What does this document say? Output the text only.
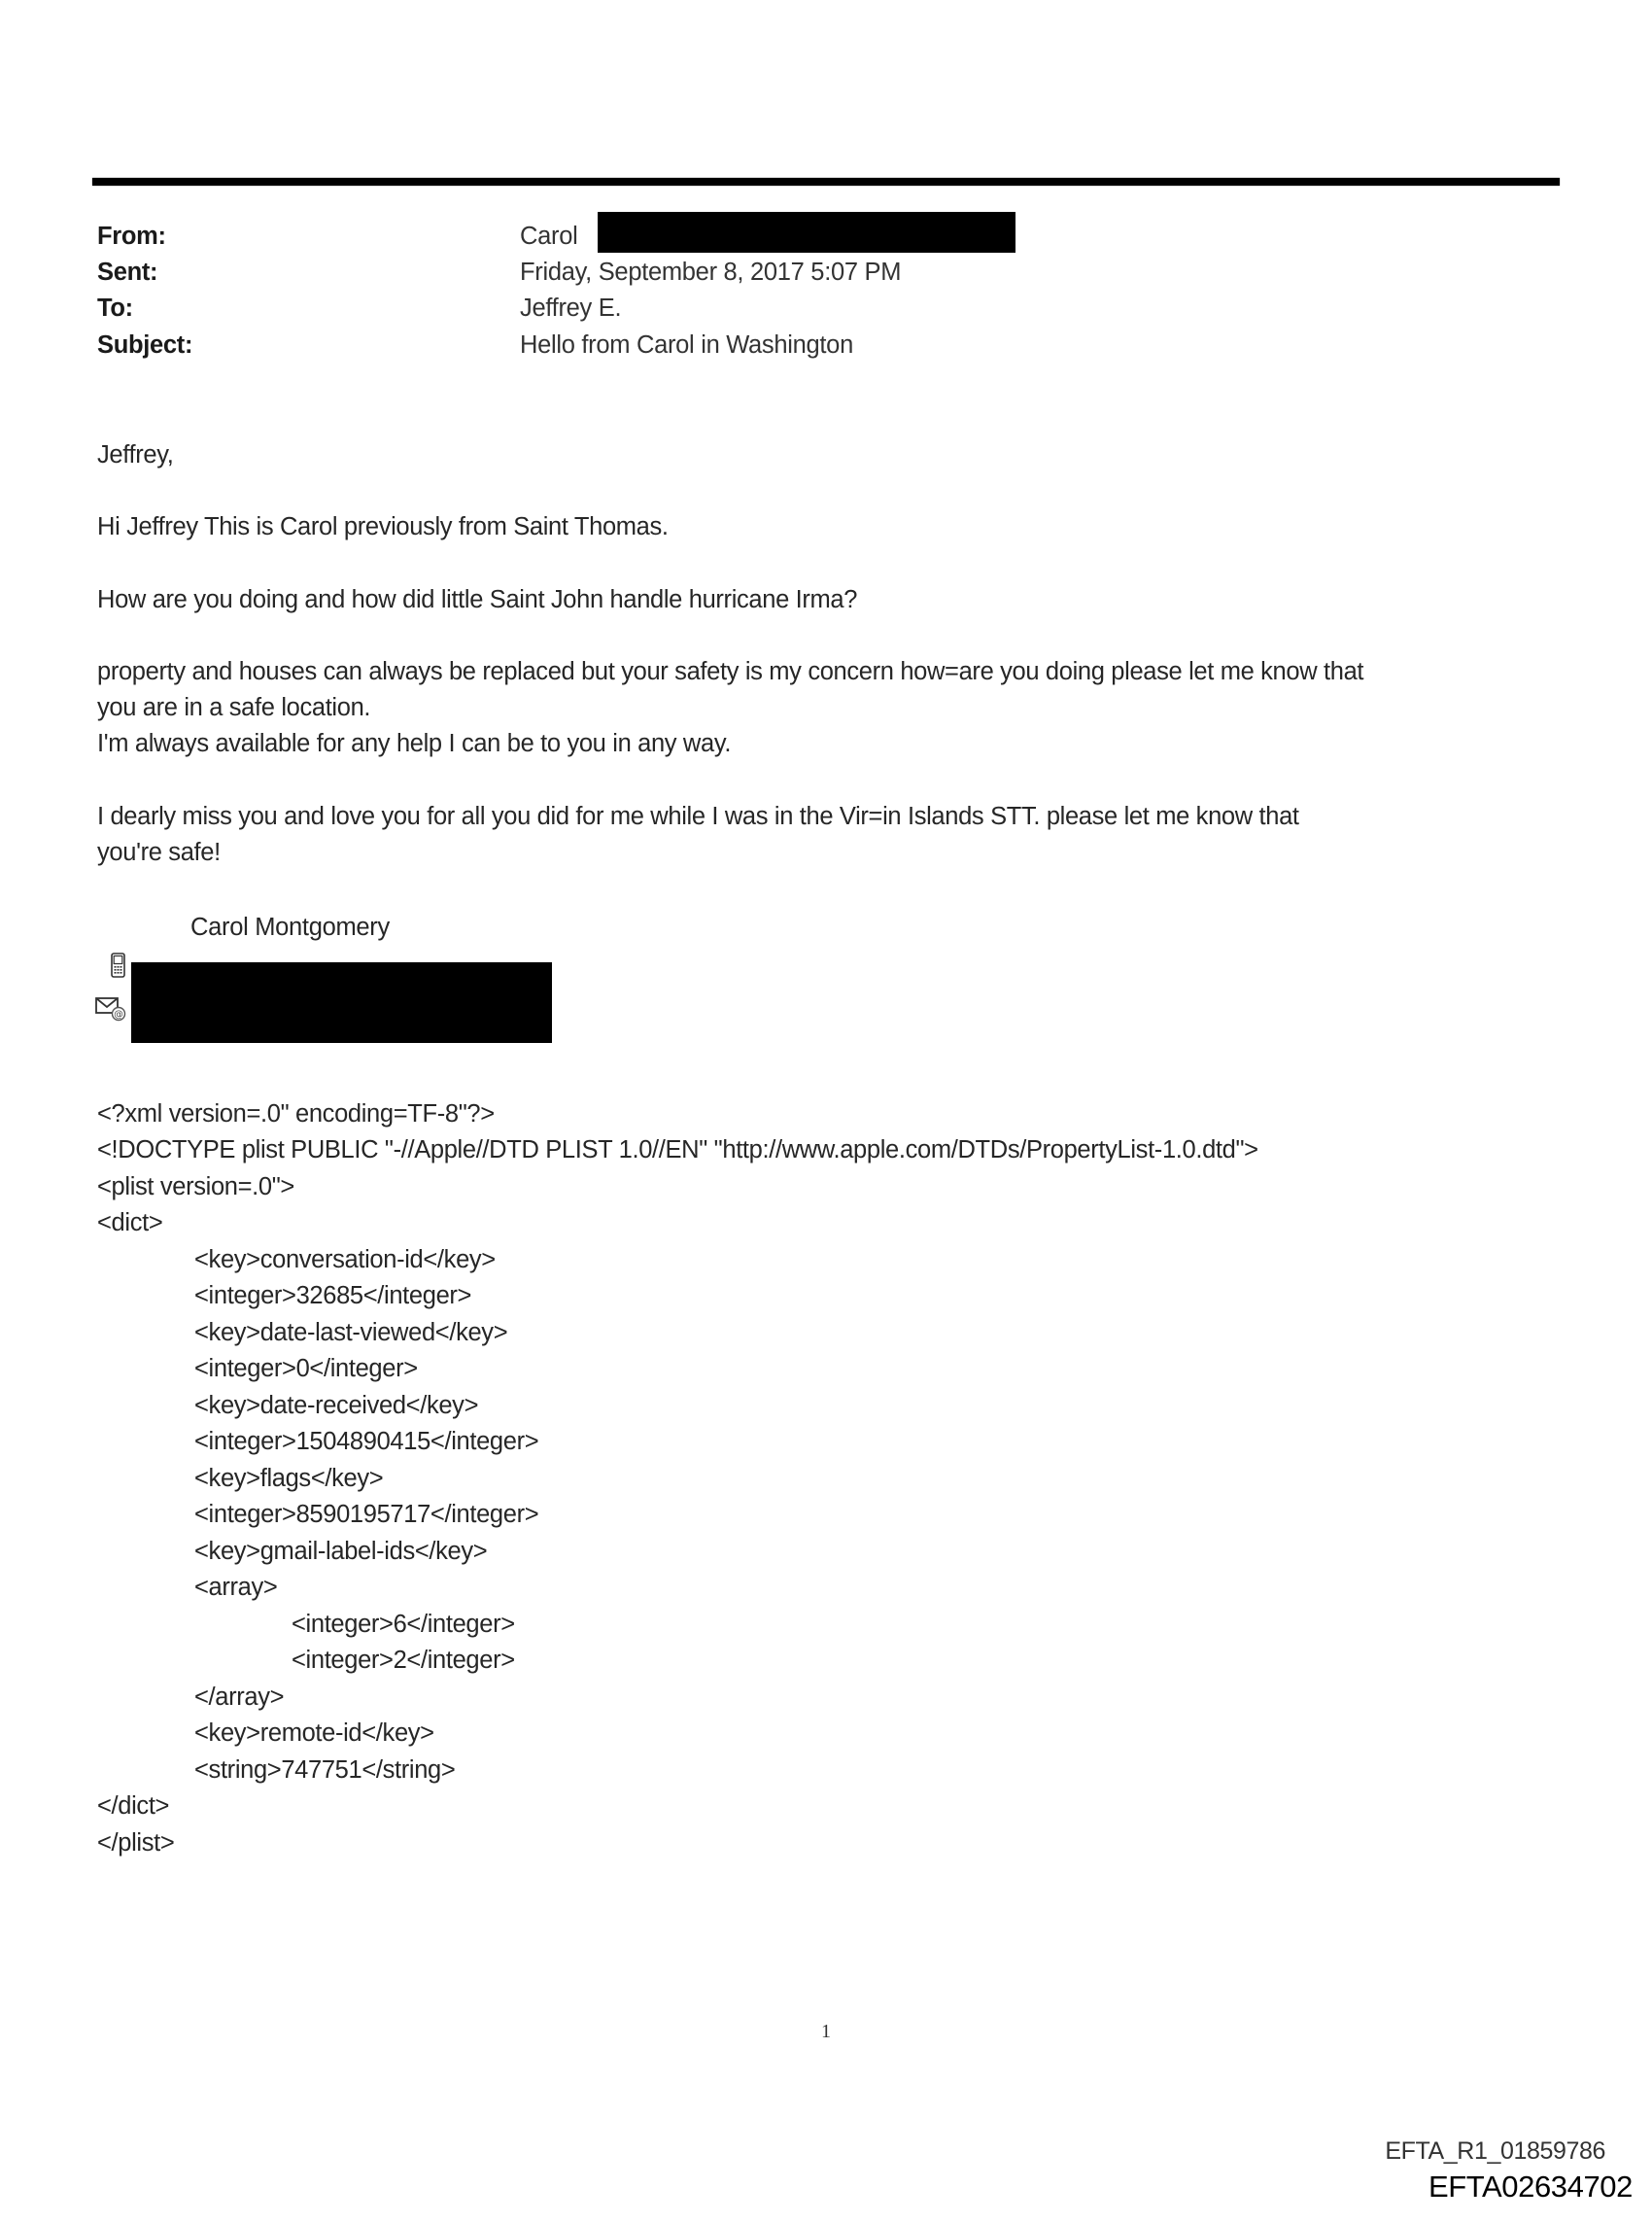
From:	Carol
Sent:	Friday, September 8, 2017 5:07 PM
To:	Jeffrey E.
Subject:	Hello from Carol in Washington
Jeffrey,
Hi Jeffrey This is Carol previously from Saint Thomas.
How are you doing and how did little Saint John handle hurricane Irma?
property and houses can always be replaced but your safety is my concern how=are you doing please let me know that
you are in a safe location.
I'm always available for any help I can be to you in any way.
I dearly miss you and love you for all you did for me while I was in the Vir=in Islands STT. please let me know that
you're safe!
Carol Montgomery
@
<?xml version=.0" encoding=TF-8"?>
<!DOCTYPE plist PUBLIC "-//Apple//DTD PLIST 1.0//EN" "http://www.apple.com/DTDs/PropertyList-1.0.dtd">
<plist version=.0">
<dict>
<key>conversation-id</key>
<integer>32685</integer>
<key>date-last-viewed</key>
<integer>0</integer>
<key>date-received</key>
<integer>1504890415</integer>
<key>flags</key>
<integer>8590195717</integer>
<key>gmail-label-ids</key>
<array>
<integer>6</integer>
<integer>2</integer>
</array>
<key>remote-id</key>
<string>747751</string>
</dict>
</plist>
1
EFTA_R1_01859786
EFTA02634702
